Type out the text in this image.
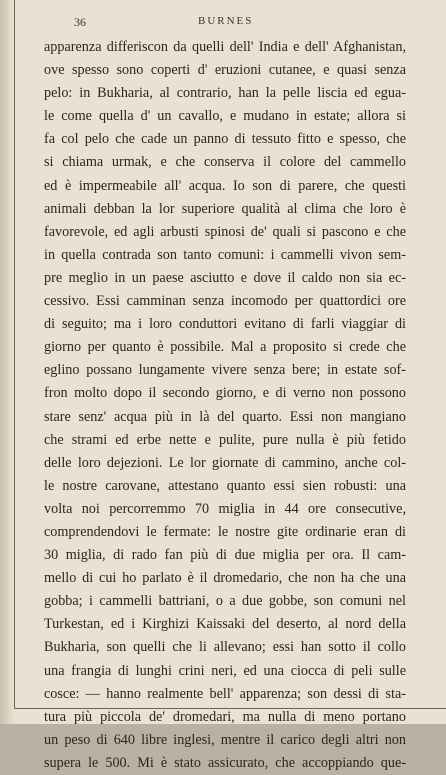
36	BURNES
apparenza differiscon da quelli dell' India e dell' Afghanistan,
ove spesso sono coperti d' eruzioni cutanee, e quasi senza
pelo: in Bukharia, al contrario, han la pelle liscia ed egua-
le come quella d' un cavallo, e mudano in estate; allora si
fa col pelo che cade un panno di tessuto fitto e spesso, che
si chiama urmak, e che conserva il colore del cammello
ed è impermeabile all' acqua. Io son di parere, che questi
animali debban la lor superiore qualità al clima che loro è
favorevole, ed agli arbusti spinosi de' quali si pascono e che
in quella contrada son tanto comuni: i cammelli vivon sem-
pre meglio in un paese asciutto e dove il caldo non sia ec-
cessivo. Essi camminan senza incomodo per quattordici ore
di seguito; ma i loro conduttori evitano di farli viaggiar di
giorno per quanto è possibile. Mal a proposito si crede che
eglino possano lungamente vivere senza bere; in estate sof-
fron molto dopo il secondo giorno, e di verno non possono
stare senz' acqua più in là del quarto. Essi non mangiano
che strami ed erbe nette e pulite, pure nulla è più fetido
delle loro dejezioni. Le lor giornate di cammino, anche col-
le nostre carovane, attestano quanto essi sien robusti: una
volta noi percorremmo 70 miglia in 44 ore consecutive,
comprendendovi le fermate: le nostre gite ordinarie eran di
30 miglia, di rado fan più di due miglia per ora. Il cam-
mello di cui ho parlato è il dromedario, che non ha che una
gobba; i cammelli battriani, o a due gobbe, son comuni nel
Turkestan, ed i Kirghizi Kaissaki del deserto, al nord della
Bukharia, son quelli che li allevano; essi han sotto il collo
una frangia di lunghi crini neri, ed una ciocca di peli sulle
cosce: — hanno realmente bell' apparenza; son dessi di sta-
tura più piccola de' dromedari, ma nulla di meno portano
un peso di 640 libre inglesi, mentre il carico degli altri non
supera le 500. Mi è stato assicurato, che accoppiando que-
